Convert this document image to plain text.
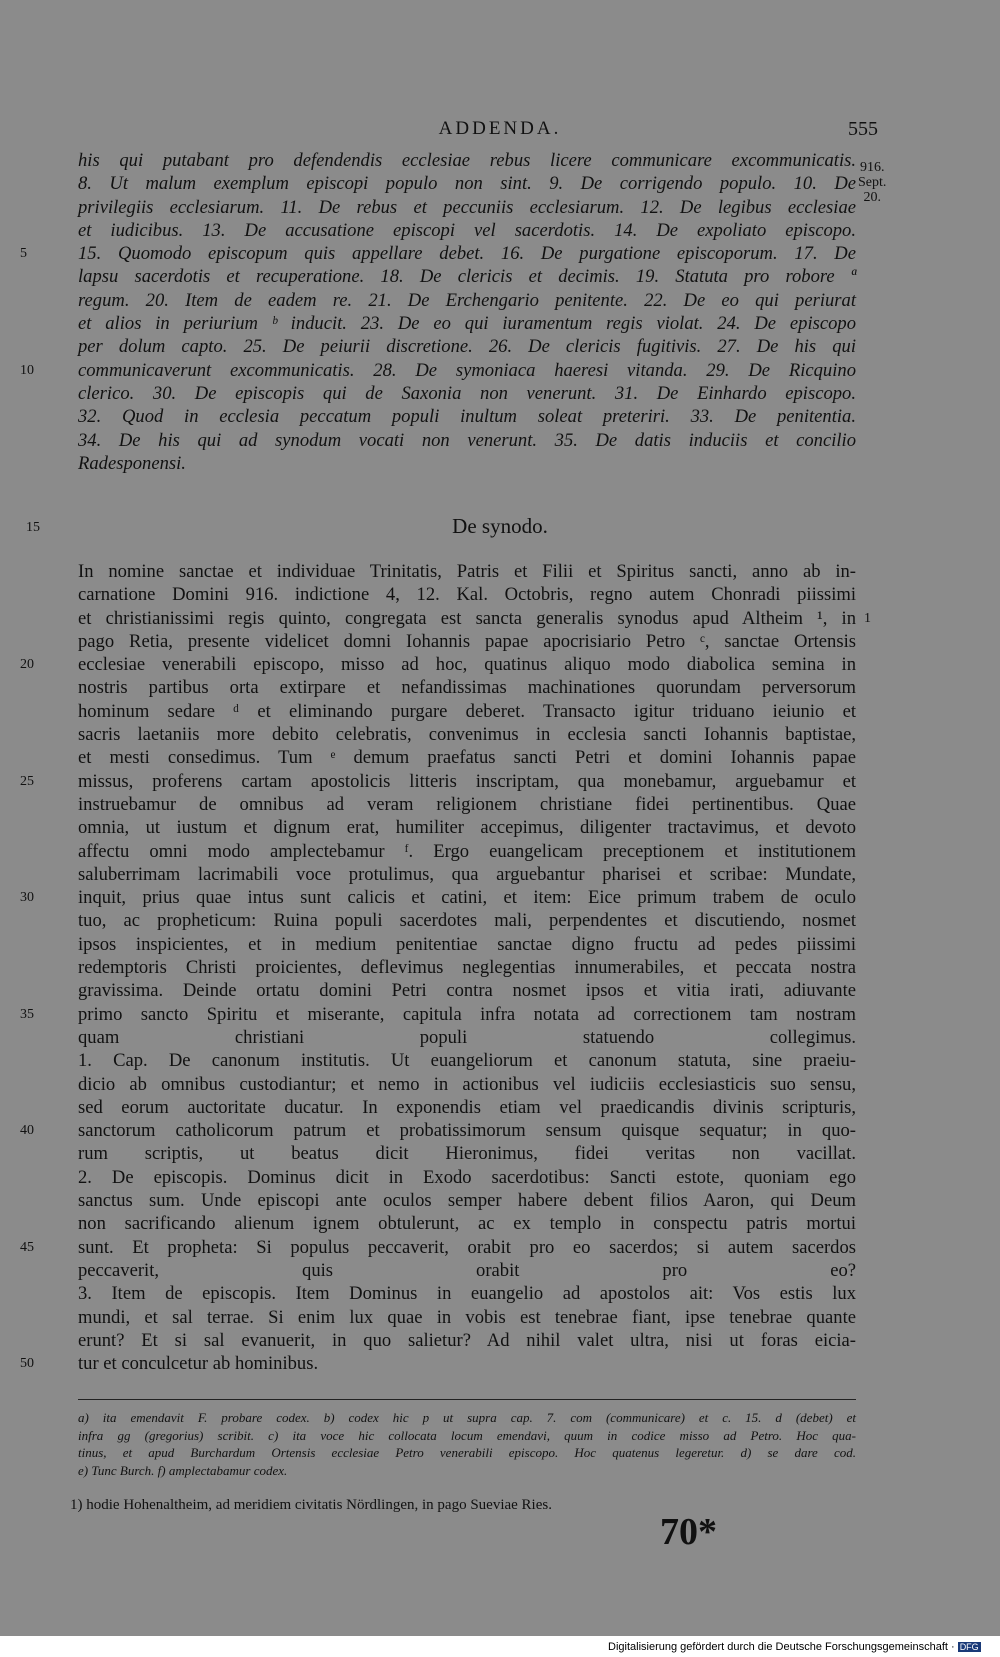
ADDENDA.	555
916.
Sept.
20.
his qui putabant pro defendendis ecclesiae rebus licere communicare excommunicatis.
8. Ut malum exemplum episcopi populo non sint. 9. De corrigendo populo. 10. De
privilegiis ecclesiarum. 11. De rebus et peccuniis ecclesiarum. 12. De legibus ecclesiae
et iudicibus. 13. De accusatione episcopi vel sacerdotis. 14. De expoliato episcopo.
5	15. Quomodo episcopum quis appellare debet. 16. De purgatione episcoporum. 17. De
lapsu sacerdotis et recuperatione. 18. De clericis et decimis. 19. Statuta pro robore ª
regum. 20. Item de eadem re. 21. De Erchengario penitente. 22. De eo qui periurat
et alios in periurium ᵇ inducit. 23. De eo qui iuramentum regis violat. 24. De episcopo
per dolum capto. 25. De peiurii discretione. 26. De clericis fugitivis. 27. De his qui
10	communicaverunt excommunicatis. 28. De symoniaca haeresi vitanda. 29. De Ricquino
clerico. 30. De episcopis qui de Saxonia non venerunt. 31. De Einhardo episcopo.
32. Quod in ecclesia peccatum populi inultum soleat preteriri. 33. De penitentia.
34. De his qui ad synodum vocati non venerunt. 35. De datis induciis et concilio
Radesponensi.
15	De synodo.
In nomine sanctae et individuae Trinitatis, Patris et Filii et Spiritus sancti, anno ab in-
carnatione Domini 916. indictione 4, 12. Kal. Octobris, regno autem Chonradi piissimi
et christianissimi regis quinto, congregata est sancta generalis synodus apud Altheim ¹, in 1
pago Retia, presente videlicet domni Iohannis papae apocrisiario Petro ᶜ, sanctae Ortensis
20	ecclesiae venerabili episcopo, misso ad hoc, quatinus aliquo modo diabolica semina in
nostris partibus orta extirpare et nefandissimas machinationes quorundam perversorum
hominum sedare ᵈ et eliminando purgare deberet. Transacto igitur triduano ieiunio et
sacris laetaniis more debito celebratis, convenimus in ecclesia sancti Iohannis baptistae,
et mesti consedimus. Tum ᵉ demum praefatus sancti Petri et domini Iohannis papae
25	missus, proferens cartam apostolicis litteris inscriptam, qua monebamur, arguebamur et
instruebamur de omnibus ad veram religionem christiane fidei pertinentibus. Quae
omnia, ut iustum et dignum erat, humiliter accepimus, diligenter tractavimus, et devoto
affectu omni modo amplectebamur ᶠ. Ergo euangelicam preceptionem et institutionem
saluberrimam lacrimabili voce protulimus, qua arguebantur pharisei et scribae: Mundate,
30	inquit, prius quae intus sunt calicis et catini, et item: Eice primum trabem de oculo
tuo, ac propheticum: Ruina populi sacerdotes mali, perpendentes et discutiendo, nosmet
ipsos inspicientes, et in medium penitentiae sanctae digno fructu ad pedes piissimi
redemptoris Christi proicientes, deflevimus neglegentias innumerabiles, et peccata nostra
gravissima. Deinde ortatu domini Petri contra nosmet ipsos et vitia irati, adiuvante
35	primo sancto Spiritu et miserante, capitula infra notata ad correctionem tam nostram
quam christiani populi statuendo collegimus.
1. Cap. De canonum institutis. Ut euangeliorum et canonum statuta, sine praeiu-
dicio ab omnibus custodiantur; et nemo in actionibus vel iudiciis ecclesiasticis suo sensu,
sed eorum auctoritate ducatur. In exponendis etiam vel praedicandis divinis scripturis,
40	sanctorum catholicorum patrum et probatissimorum sensum quisque sequatur; in quo-
rum scriptis, ut beatus dicit Hieronimus, fidei veritas non vacillat.
2. De episcopis. Dominus dicit in Exodo sacerdotibus: Sancti estote, quoniam ego
sanctus sum. Unde episcopi ante oculos semper habere debent filios Aaron, qui Deum
non sacrificando alienum ignem obtulerunt, ac ex templo in conspectu patris mortui
45	sunt. Et propheta: Si populus peccaverit, orabit pro eo sacerdos; si autem sacerdos
peccaverit, quis orabit pro eo?
3. Item de episcopis. Item Dominus in euangelio ad apostolos ait: Vos estis lux
mundi, et sal terrae. Si enim lux quae in vobis est tenebrae fiant, ipse tenebrae quante
erunt? Et si sal evanuerit, in quo salietur? Ad nihil valet ultra, nisi ut foras eicia-
50	tur et conculcetur ab hominibus.
a) ita emendavit F. probare codex. b) codex hic p ut supra cap. 7. com (communicare) et c. 15. d (debet) et
infra gg (gregorius) scribit. c) ita voce hic collocata locum emendavi, quum in codice misso ad Petro. Hoc qua-
tinus, et apud Burchardum Ortensis ecclesiae Petro venerabili episcopo. Hoc quatenus legeretur. d) se dare cod.
e) Tunc Burch. f) amplectabamur codex.
1) hodie Hohenaltheim, ad meridiem civitatis Nördlingen, in pago Sueviae Ries.
70*
Digitalisierung gefördert durch die Deutsche Forschungsgemeinschaft · DFG
